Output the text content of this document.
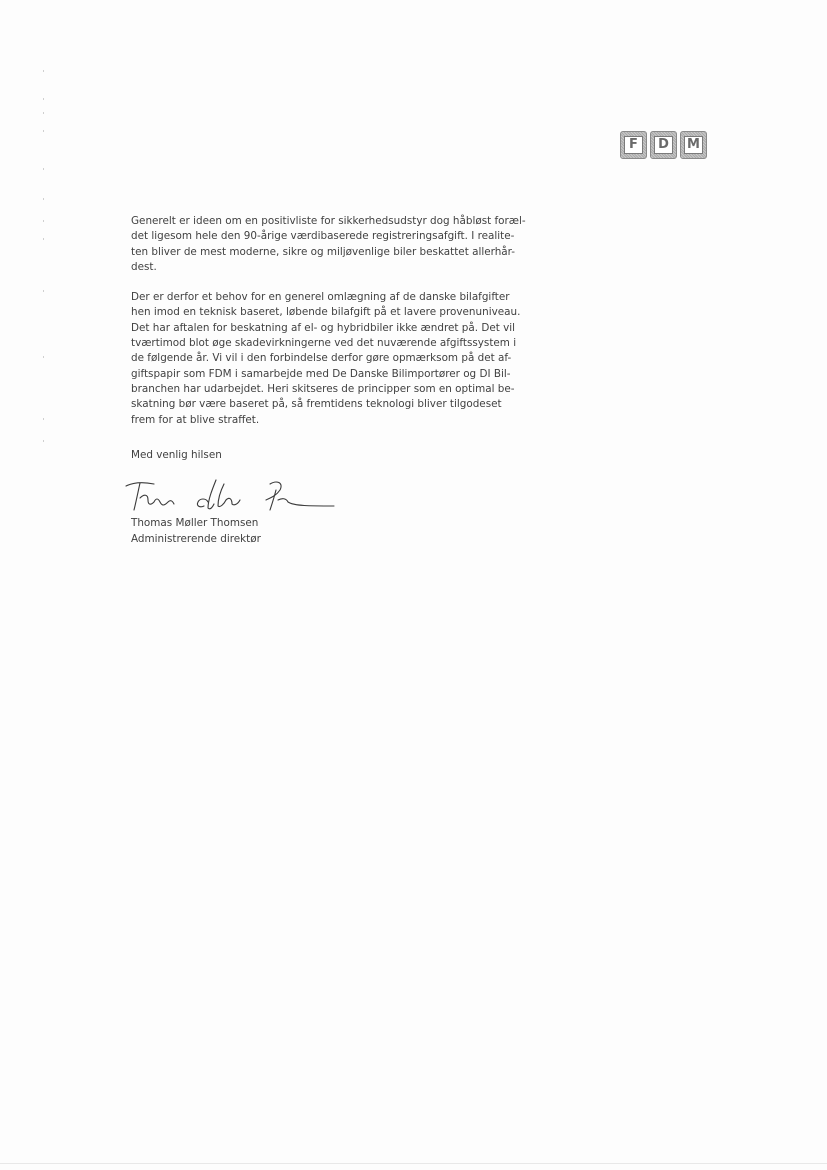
F	D	M

Generelt er ideen om en positivliste for sikkerhedsudstyr dog håbløst foræl-
det ligesom hele den 90-årige værdibaserede registreringsafgift. I realite-
ten bliver de mest moderne, sikre og miljøvenlige biler beskattet allerhår-
dest.

Der er derfor et behov for en generel omlægning af de danske bilafgifter
hen imod en teknisk baseret, løbende bilafgift på et lavere provenuniveau.
Det har aftalen for beskatning af el- og hybridbiler ikke ændret på. Det vil
tværtimod blot øge skadevirkningerne ved det nuværende afgiftssystem i
de følgende år. Vi vil i den forbindelse derfor gøre opmærksom på det af-
giftspapir som FDM i samarbejde med De Danske Bilimportører og DI Bil-
branchen har udarbejdet. Heri skitseres de principper som en optimal be-
skatning bør være baseret på, så fremtidens teknologi bliver tilgodeset
frem for at blive straffet.

Med venlig hilsen
Thomas Møller Thomsen
Administrerende direktør
